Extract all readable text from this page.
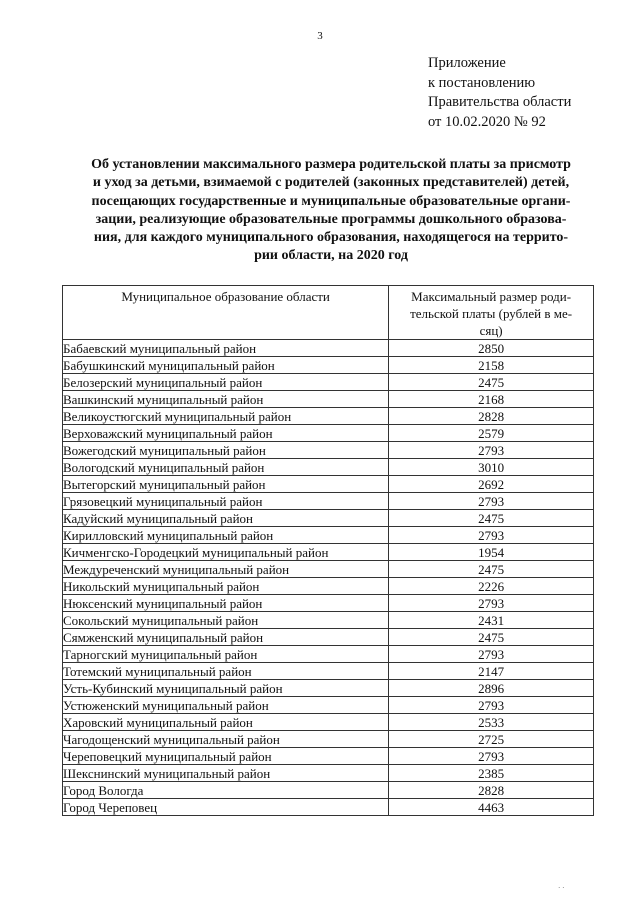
3
Приложение
к постановлению
Правительства области
от 10.02.2020 № 92
Об установлении максимального размера родительской платы за присмотр
и уход за детьми, взимаемой с родителей (законных представителей) детей,
посещающих государственные и муниципальные образовательные органи-
зации, реализующие образовательные программы дошкольного образова-
ния, для каждого муниципального образования, находящегося на террито-
рии области, на 2020 год
Муниципальное образование области	Максимальный размер роди-
тельской платы (рублей в ме-
сяц)

Бабаевский муниципальный район	2850
Бабушкинский муниципальный район	2158
Белозерский муниципальный район	2475
Вашкинский муниципальный район	2168
Великоустюгский муниципальный район	2828
Верховажский муниципальный район	2579
Вожегодский муниципальный район	2793
Вологодский муниципальный район	3010
Вытегорский муниципальный район	2692
Грязовецкий муниципальный район	2793
Кадуйский муниципальный район	2475
Кирилловский муниципальный район	2793
Кичменгско-Городецкий муниципальный район	1954
Междуреченский муниципальный район	2475
Никольский муниципальный район	2226
Нюксенский муниципальный район	2793
Сокольский муниципальный район	2431
Сямженский муниципальный район	2475
Тарногский муниципальный район	2793
Тотемский муниципальный район	2147
Усть-Кубинский муниципальный район	2896
Устюженский муниципальный район	2793
Харовский муниципальный район	2533
Чагодощенский муниципальный район	2725
Череповецкий муниципальный район	2793
Шекснинский муниципальный район	2385
Город Вологда	2828
Город Череповец	4463
· ·
